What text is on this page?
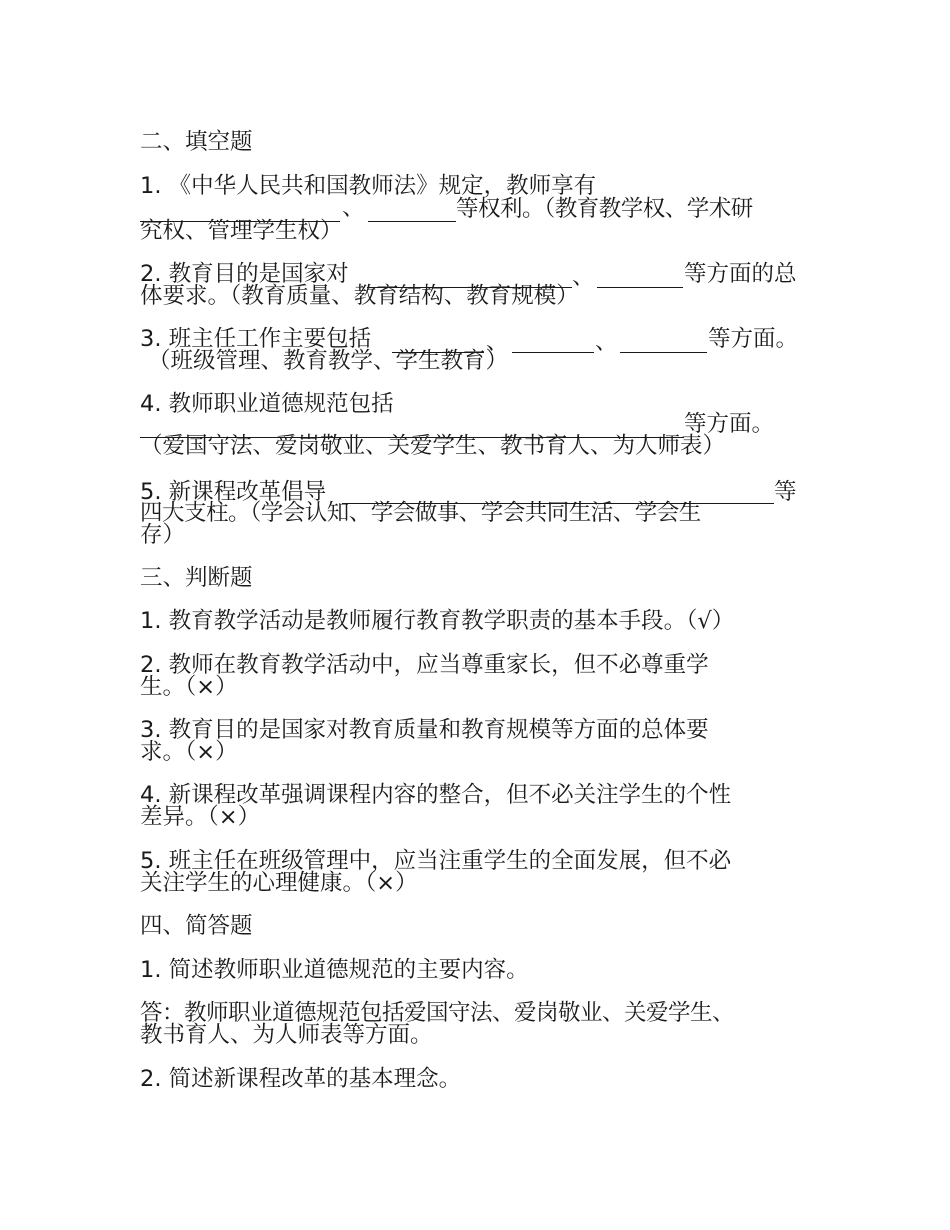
二、填空题
1. 《中华人民共和国教师法》规定，教师享有
、	等权利。（教育教学权、学术研
究权、管理学生权）
2. 教育目的是国家对	、	等方面的总
体要求。（教育质量、教育结构、教育规模）
3. 班主任工作主要包括	、	、	等方面。
（班级管理、教育教学、学生教育）
4. 教师职业道德规范包括
等方面。
（爱国守法、爱岗敬业、关爱学生、教书育人、为人师表）
5. 新课程改革倡导	等
四大支柱。（学会认知、学会做事、学会共同生活、学会生
存）
三、判断题
1. 教育教学活动是教师履行教育教学职责的基本手段。（√）
2. 教师在教育教学活动中，应当尊重家长，但不必尊重学
生。（×）
3. 教育目的是国家对教育质量和教育规模等方面的总体要
求。（×）
4. 新课程改革强调课程内容的整合，但不必关注学生的个性
差异。（×）
5. 班主任在班级管理中，应当注重学生的全面发展，但不必
关注学生的心理健康。（×）
四、简答题
1. 简述教师职业道德规范的主要内容。
答：教师职业道德规范包括爱国守法、爱岗敬业、关爱学生、
教书育人、为人师表等方面。
2. 简述新课程改革的基本理念。
